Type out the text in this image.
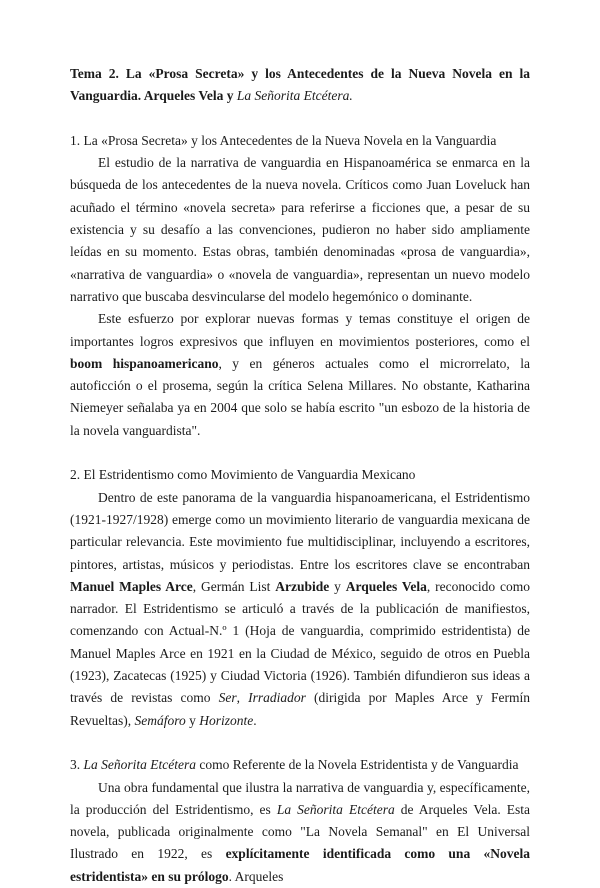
Tema 2. La «Prosa Secreta» y los Antecedentes de la Nueva Novela en la Vanguardia. Arqueles Vela y La Señorita Etcétera.

1. La «Prosa Secreta» y los Antecedentes de la Nueva Novela en la Vanguardia

El estudio de la narrativa de vanguardia en Hispanoamérica se enmarca en la búsqueda de los antecedentes de la nueva novela. Críticos como Juan Loveluck han acuñado el término «novela secreta» para referirse a ficciones que, a pesar de su existencia y su desafío a las convenciones, pudieron no haber sido ampliamente leídas en su momento. Estas obras, también denominadas «prosa de vanguardia», «narrativa de vanguardia» o «novela de vanguardia», representan un nuevo modelo narrativo que buscaba desvincularse del modelo hegemónico o dominante.

Este esfuerzo por explorar nuevas formas y temas constituye el origen de importantes logros expresivos que influyen en movimientos posteriores, como el boom hispanoamericano, y en géneros actuales como el microrrelato, la autoficción o el prosema, según la crítica Selena Millares. No obstante, Katharina Niemeyer señalaba ya en 2004 que solo se había escrito "un esbozo de la historia de la novela vanguardista".

2. El Estridentismo como Movimiento de Vanguardia Mexicano

Dentro de este panorama de la vanguardia hispanoamericana, el Estridentismo (1921-1927/1928) emerge como un movimiento literario de vanguardia mexicana de particular relevancia. Este movimiento fue multidisciplinar, incluyendo a escritores, pintores, artistas, músicos y periodistas. Entre los escritores clave se encontraban Manuel Maples Arce, Germán List Arzubide y Arqueles Vela, reconocido como narrador. El Estridentismo se articuló a través de la publicación de manifiestos, comenzando con Actual-N.º 1 (Hoja de vanguardia, comprimido estridentista) de Manuel Maples Arce en 1921 en la Ciudad de México, seguido de otros en Puebla (1923), Zacatecas (1925) y Ciudad Victoria (1926). También difundieron sus ideas a través de revistas como Ser, Irradiador (dirigida por Maples Arce y Fermín Revueltas), Semáforo y Horizonte.

3. La Señorita Etcétera como Referente de la Novela Estridentista y de Vanguardia

Una obra fundamental que ilustra la narrativa de vanguardia y, específicamente, la producción del Estridentismo, es La Señorita Etcétera de Arqueles Vela. Esta novela, publicada originalmente como "La Novela Semanal" en El Universal Ilustrado en 1922, es explícitamente identificada como una «Novela estridentista» en su prólogo. Arqueles
